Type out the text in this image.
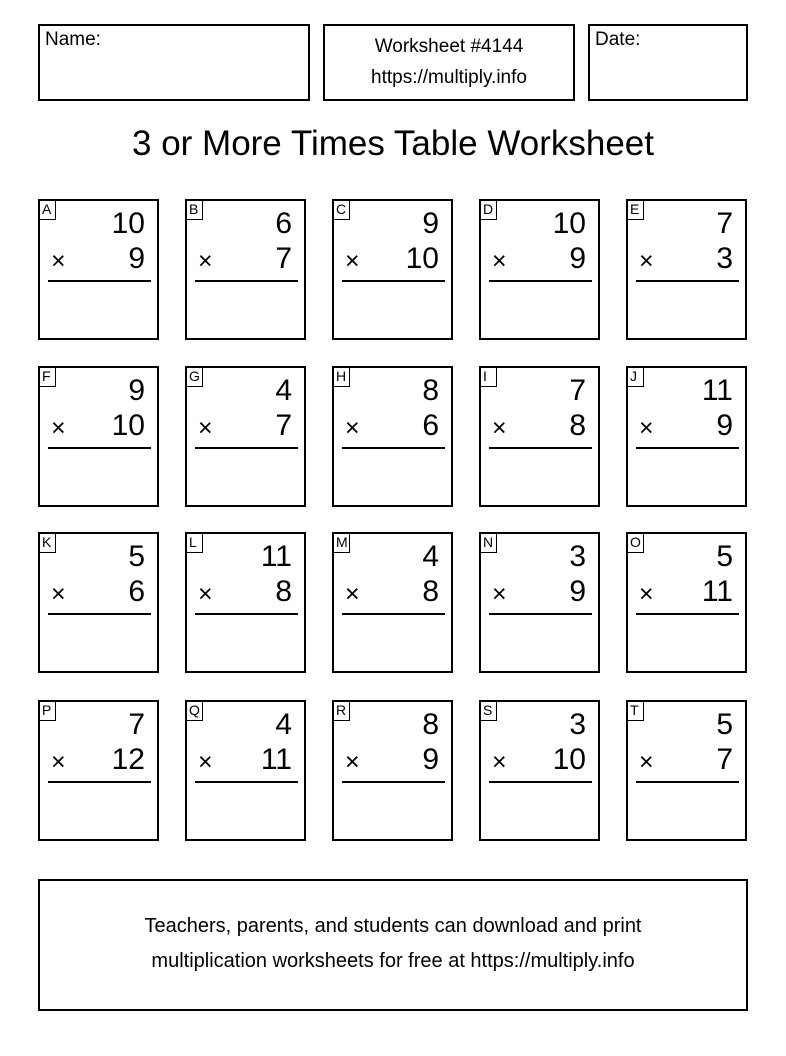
Name:	Worksheet #4144
https://multiply.info
Date:
3 or More Times Table Worksheet
A 10
× 9
B	6
× 7
C	9
× 10
D 10
× 9
E	7
× 3
F	9
× 10
G	4
× 7
H	8
× 6
I	7
× 8
J 11
× 9
K	5
× 6
L 11
× 8
M 4
× 8
N	3
× 9
O	5
× 11
P	7
× 12
Q	4
× 11
R	8
× 9
S	3
× 10
T	5
× 7
Teachers, parents, and students can download and print
multiplication worksheets for free at https://multiply.info
